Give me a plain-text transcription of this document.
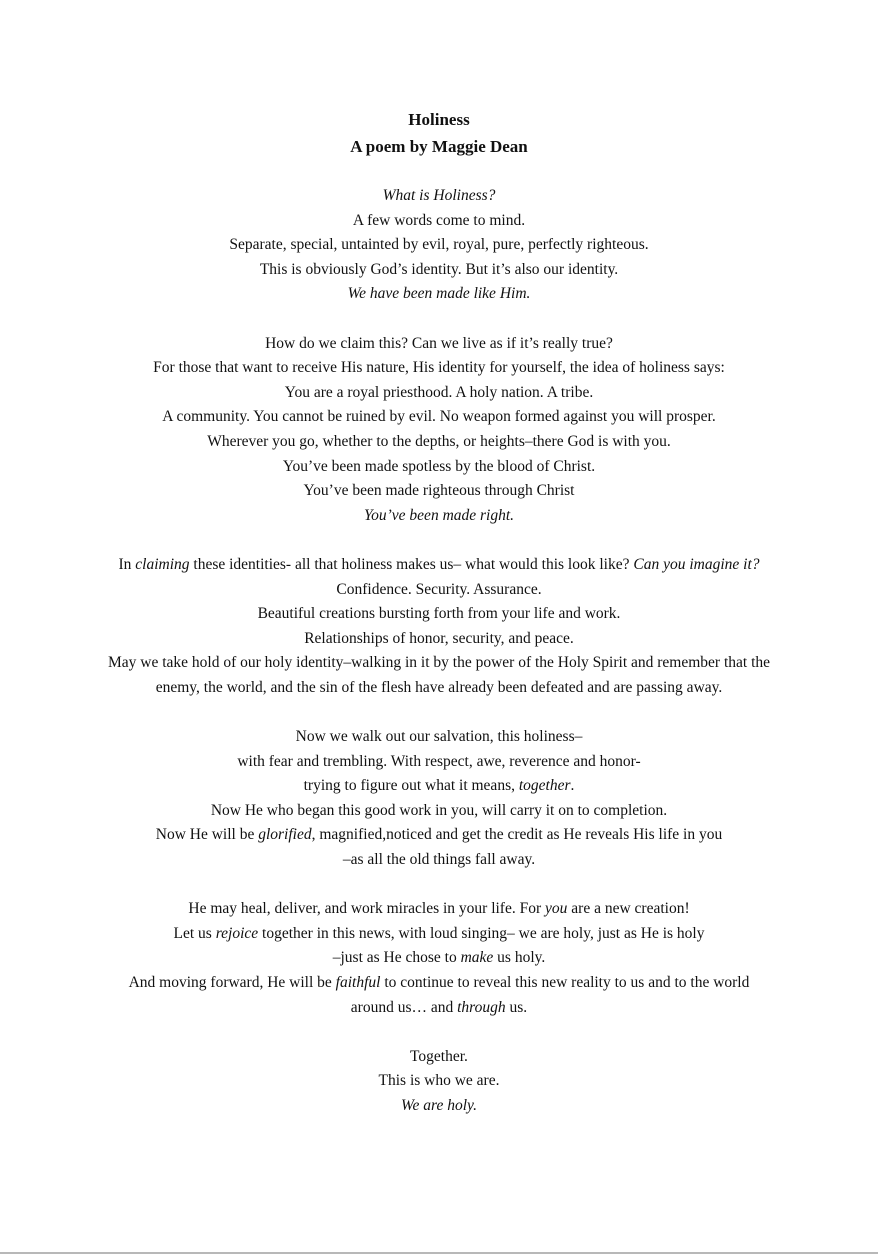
Holiness

A poem by Maggie Dean

What is Holiness?
A few words come to mind.
Separate, special, untainted by evil, royal, pure, perfectly righteous.
This is obviously God’s identity. But it’s also our identity.
We have been made like Him.
How do we claim this? Can we live as if it’s really true?
For those that want to receive His nature, His identity for yourself, the idea of holiness says:
You are a royal priesthood. A holy nation. A tribe.
A community. You cannot be ruined by evil. No weapon formed against you will prosper.
Wherever you go, whether to the depths, or heights–there God is with you.
You’ve been made spotless by the blood of Christ.
You’ve been made righteous through Christ
You’ve been made right.
In claiming these identities- all that holiness makes us– what would this look like? Can you imagine it?
Confidence. Security. Assurance.
Beautiful creations bursting forth from your life and work.
Relationships of honor, security, and peace.
May we take hold of our holy identity–walking in it by the power of the Holy Spirit and remember that the
enemy, the world, and the sin of the flesh have already been defeated and are passing away.
Now we walk out our salvation, this holiness–
with fear and trembling. With respect, awe, reverence and honor-
trying to figure out what it means, together.
Now He who began this good work in you, will carry it on to completion.
Now He will be glorified, magnified,noticed and get the credit as He reveals His life in you
–as all the old things fall away.
He may heal, deliver, and work miracles in your life. For you are a new creation!
Let us rejoice together in this news, with loud singing– we are holy, just as He is holy
–just as He chose to make us holy.
And moving forward, He will be faithful to continue to reveal this new reality to us and to the world
around us… and through us.
Together.
This is who we are.
We are holy.
